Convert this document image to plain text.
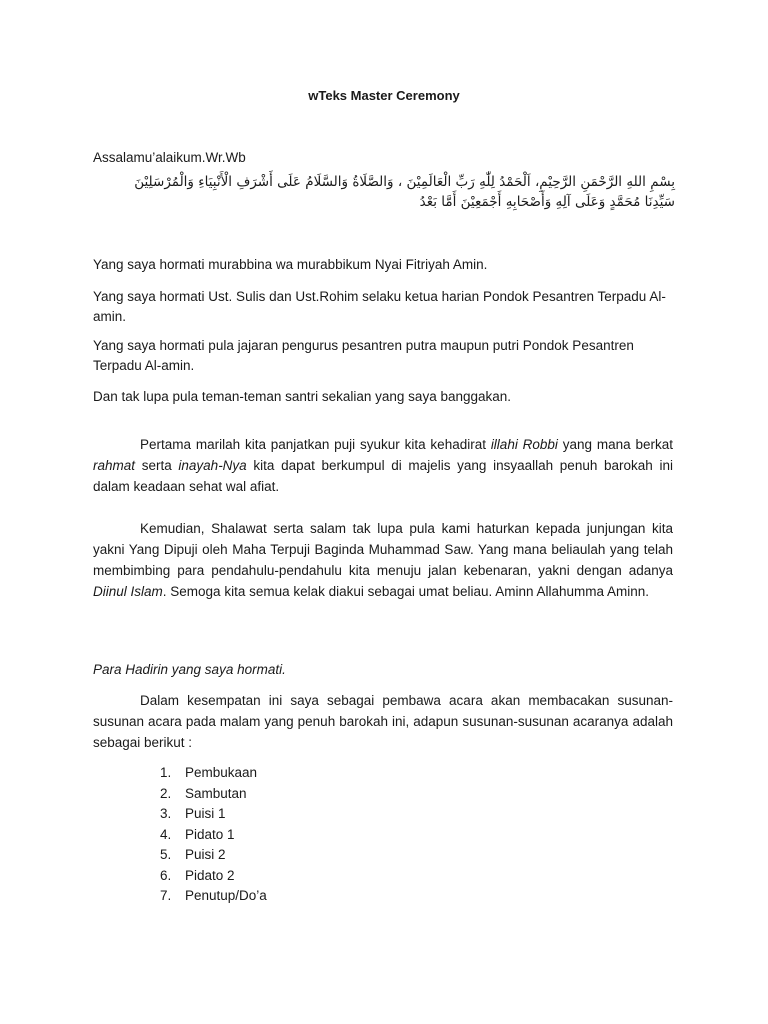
wTeks Master Ceremony
Assalamu’alaikum.Wr.Wb
بِسْمِ اللهِ الرَّحْمَنِ الرَّحِيْمِ، اَلْحَمْدُ لِلّٰهِ رَبِّ الْعَالَمِيْنَ ، وَالصَّلَاةُ وَالسَّلَامُ عَلَى أَشْرَفِ الْأَنْبِيَاءِ وَالْمُرْسَلِيْنَ سَيِّدِنَا مُحَمَّدٍ وَعَلَى آلِهِ وَأَصْحَابِهِ أَجْمَعِيْنَ أَمَّا بَعْدُ
Yang saya hormati murabbina wa murabbikum Nyai Fitriyah Amin.
Yang saya hormati Ust. Sulis dan Ust.Rohim selaku ketua harian Pondok Pesantren Terpadu Al-amin.
Yang saya hormati pula jajaran pengurus pesantren putra maupun putri Pondok Pesantren Terpadu Al-amin.
Dan tak lupa pula teman-teman santri sekalian yang saya banggakan.
Pertama marilah kita panjatkan puji syukur kita kehadirat illahi Robbi yang mana berkat rahmat serta inayah-Nya kita dapat berkumpul di majelis yang insyaallah penuh barokah ini dalam keadaan sehat wal afiat.
Kemudian, Shalawat serta salam tak lupa pula kami haturkan kepada junjungan kita yakni Yang Dipuji oleh Maha Terpuji Baginda Muhammad Saw. Yang mana beliaulah yang telah membimbing para pendahulu-pendahulu kita menuju jalan kebenaran, yakni dengan adanya Diinul Islam. Semoga kita semua kelak diakui sebagai umat beliau. Aminn Allahumma Aminn.
Para Hadirin yang saya hormati.
Dalam kesempatan ini saya sebagai pembawa acara akan membacakan susunan-susunan acara pada malam yang penuh barokah ini, adapun susunan-susunan acaranya adalah sebagai berikut :
1.	Pembukaan
2.	Sambutan
3.	Puisi 1
4.	Pidato 1
5.	Puisi 2
6.	Pidato 2
7.	Penutup/Do’a
